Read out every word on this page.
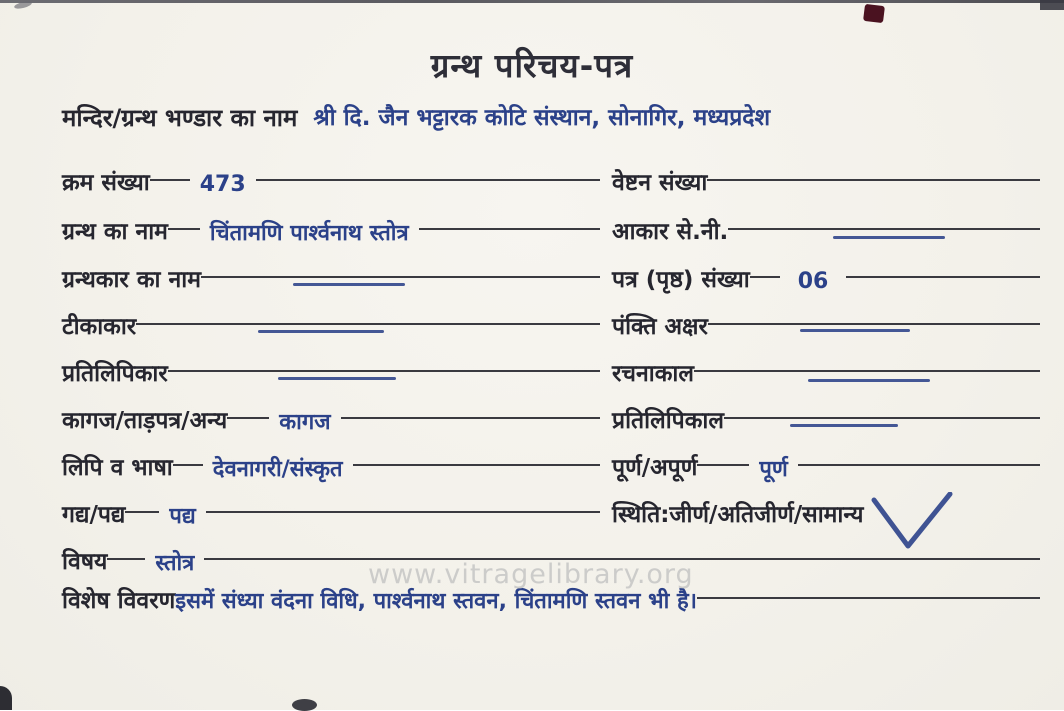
ग्रन्थ परिचय-पत्र
मन्दिर/ग्रन्थ भण्डार का नाम श्री दि. जैन भट्टारक कोटि संस्थान, सोनागिर, मध्यप्रदेश
क्रम संख्या	473
ग्रन्थ का नाम	चिंतामणि पार्श्वनाथ स्तोत्र
ग्रन्थकार का नाम
टीकाकार
प्रतिलिपिकार
कागज/ताड़पत्र/अन्य	कागज
लिपि व भाषा	देवनागरी/संस्कृत
गद्य/पद्य	पद्य
विषय	स्तोत्र
वेष्टन संख्या
आकार से.नी.
पत्र (पृष्ठ) संख्या	06
पंक्ति अक्षर
रचनाकाल
प्रतिलिपिकाल
पूर्ण/अपूर्ण	पूर्ण
स्थिति:जीर्ण/अतिजीर्ण/सामान्य
विशेष विवरण इसमें संध्या वंदना विधि, पार्श्वनाथ स्तवन, चिंतामणि स्तवन भी है।
www.vitragelibrary.org
